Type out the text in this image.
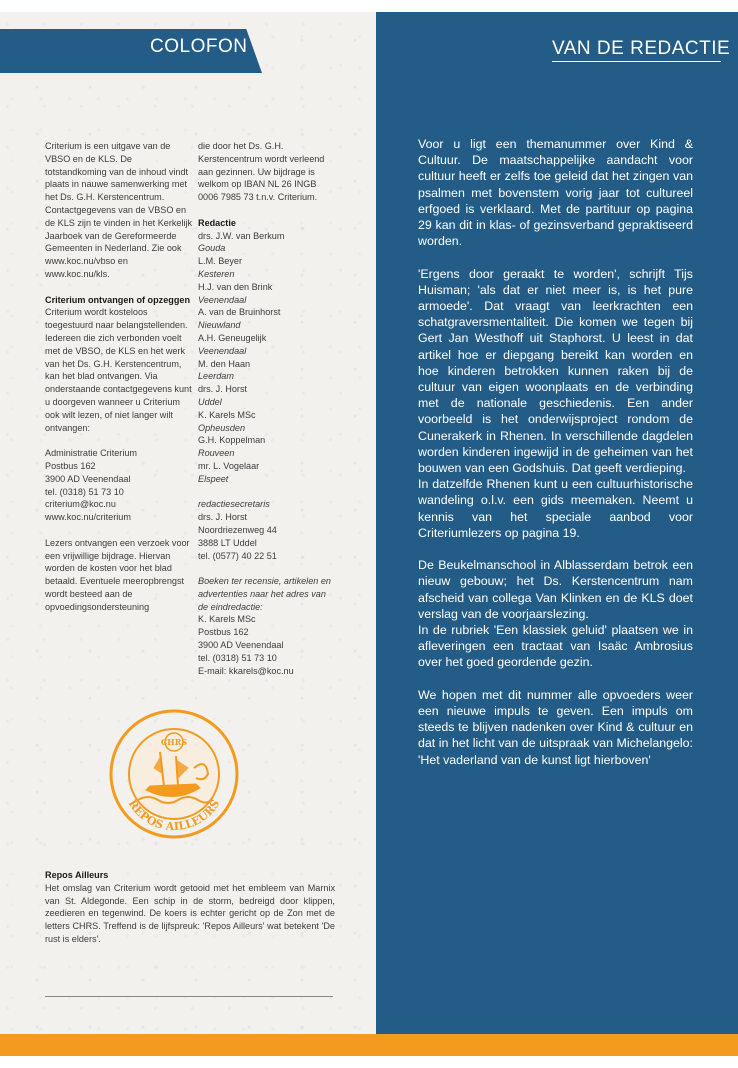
COLOFON	VAN DE REDACTIE

Criterium is een uitgave van de VBSO en de KLS. De totstandkoming van de inhoud vindt plaats in nauwe samenwerking met het Ds. G.H. Kerstencentrum. Contactgegevens van de VBSO en de KLS zijn te vinden in het Kerkelijk Jaarboek van de Gereformeerde Gemeenten in Nederland. Zie ook www.koc.nu/vbso en www.koc.nu/kls.

Criterium ontvangen of opzeggen

Criterium wordt kosteloos toegestuurd naar belangstellenden. Iedereen die zich verbonden voelt met de VBSO, de KLS en het werk van het Ds. G.H. Kerstencentrum, kan het blad ontvangen. Via onderstaande contactgegevens kunt u doorgeven wanneer u Criterium ook wilt lezen, of niet langer wilt ontvangen:

Administratie Criterium
Postbus 162
3900 AD Veenendaal
tel. (0318) 51 73 10
criterium@koc.nu
www.koc.nu/criterium

Lezers ontvangen een verzoek voor een vrijwillige bijdrage. Hiervan worden de kosten voor het blad betaald. Eventuele meeropbrengst wordt besteed aan de opvoedingsondersteuning

die door het Ds. G.H. Kerstencentrum wordt verleend aan gezinnen. Uw bijdrage is welkom op IBAN NL 26 INGB 0006 7985 73 t.n.v. Criterium.

Redactie

drs. J.W. van Berkum
Gouda
L.M. Beyer
Kesteren
H.J. van den Brink
Veenendaal
A. van de Bruinhorst
Nieuwland
A.H. Geneugelijk
Veenendaal
M. den Haan
Leerdam
drs. J. Horst
Uddel
K. Karels MSc
Opheusden
G.H. Koppelman
Rouveen
mr. L. Vogelaar
Elspeet

redactiesecretaris
drs. J. Horst
Noordriezenweg 44
3888 LT Uddel
tel. (0577) 40 22 51

Boeken ter recensie, artikelen en advertenties naar het adres van de eindredactie:
K. Karels MSc
Postbus 162
3900 AD Veenendaal
tel. (0318) 51 73 10
E-mail: kkarels@koc.nu

CHRS
REPOS AILLEURS
Repos Ailleurs
Het omslag van Criterium wordt getooid met het embleem van Marnix van St. Aldegonde. Een schip in de storm, bedreigd door klippen, zeedieren en tegenwind. De koers is echter gericht op de Zon met de letters CHRS. Treffend is de lijfspreuk: 'Repos Ailleurs' wat betekent 'De rust is elders'.

Voor u ligt een themanummer over Kind & Cultuur. De maatschappelijke aandacht voor cultuur heeft er zelfs toe geleid dat het zingen van psalmen met bovenstem vorig jaar tot cultureel erfgoed is verklaard. Met de partituur op pagina 29 kan dit in klas- of gezinsverband gepraktiseerd worden.

'Ergens door geraakt te worden', schrijft Tijs Huisman; 'als dat er niet meer is, is het pure armoede'. Dat vraagt van leerkrachten een schatgraversmentaliteit. Die komen we tegen bij Gert Jan Westhoff uit Staphorst. U leest in dat artikel hoe er diepgang bereikt kan worden en hoe kinderen betrokken kunnen raken bij de cultuur van eigen woonplaats en de verbinding met de nationale geschiedenis. Een ander voorbeeld is het onderwijsproject rondom de Cunerakerk in Rhenen. In verschillende dagdelen worden kinderen ingewijd in de geheimen van het bouwen van een Godshuis. Dat geeft verdieping.

In datzelfde Rhenen kunt u een cultuurhistorische wandeling o.l.v. een gids meemaken. Neemt u kennis van het speciale aanbod voor Criteriumlezers op pagina 19.

De Beukelmanschool in Alblasserdam betrok een nieuw gebouw; het Ds. Kerstencentrum nam afscheid van collega Van Klinken en de KLS doet verslag van de voorjaarslezing.

In de rubriek 'Een klassiek geluid' plaatsen we in afleveringen een tractaat van Isaäc Ambrosius over het goed geordende gezin.

We hopen met dit nummer alle opvoeders weer een nieuwe impuls te geven. Een impuls om steeds te blijven nadenken over Kind & cultuur en dat in het licht van de uitspraak van Michelangelo: 'Het vaderland van de kunst ligt hierboven'
